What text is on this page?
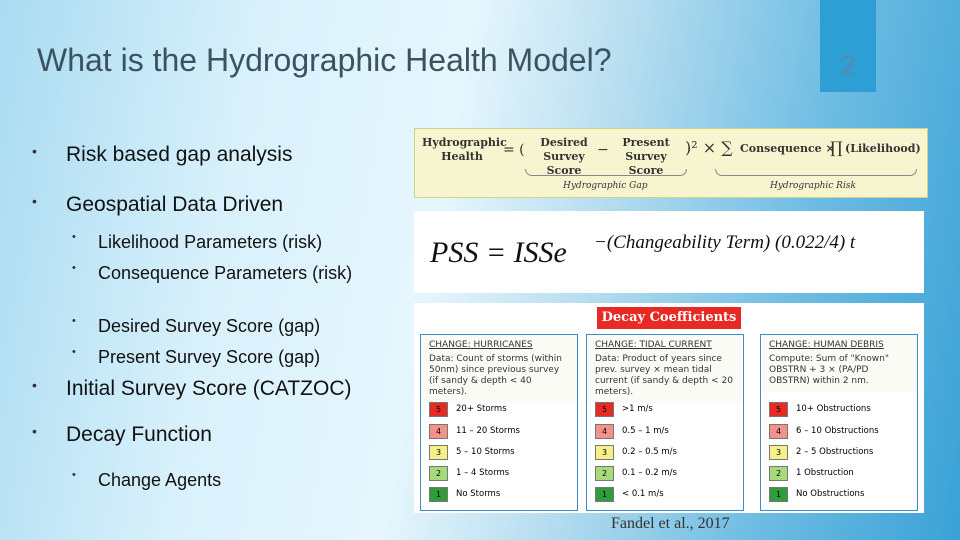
What is the Hydrographic Health Model?	2
•	Risk based gap analysis
•	Geospatial Data Driven
•	Likelihood Parameters (risk)
•	Consequence Parameters (risk)
•	Desired Survey Score (gap)
•	Present Survey Score (gap)
•	Initial Survey Score (CATZOC)
•	Decay Function
•	Change Agents
Hydrographic Health	= (	Desired Survey Score
−	Present Survey Score
)² × ∑ Consequence ×
∏ (Likelihood)
Hydrographic Gap	Hydrographic Risk
PSS = ISSe −(Changeability Term) (0.022/4) t
Decay Coefficients
CHANGE: HURRICANES
Data: Count of storms (within 50nm) since previous survey (if sandy & depth < 40 meters).
5	20+ Storms
4	11 – 20 Storms
3	5 – 10 Storms
2	1 – 4 Storms
1	No Storms
CHANGE: TIDAL CURRENT
Data: Product of years since prev. survey × mean tidal current (if sandy & depth < 20 meters).
5	>1 m/s
4	0.5 – 1 m/s
3	0.2 – 0.5 m/s
2	0.1 – 0.2 m/s
1	< 0.1 m/s
CHANGE: HUMAN DEBRIS
Compute: Sum of "Known" OBSTRN + 3 × (PA/PD OBSTRN) within 2 nm.
5	10+ Obstructions
4	6 – 10 Obstructions
3	2 – 5 Obstructions
2	1 Obstruction
1	No Obstructions
Fandel et al., 2017
